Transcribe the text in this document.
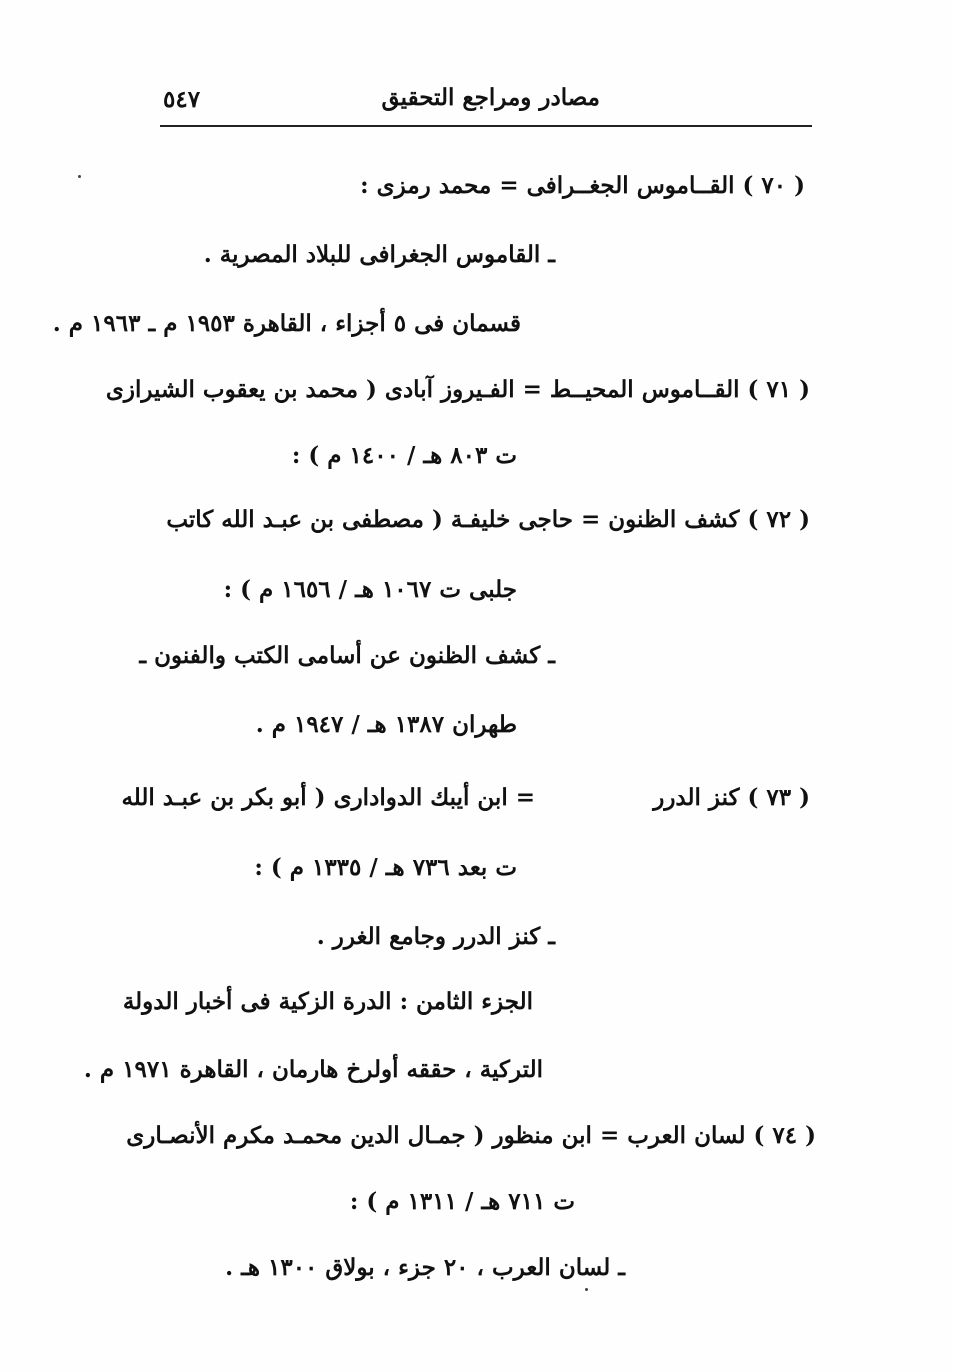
مصادر ومراجع التحقيق
٥٤٧
( ٧٠ ) القــاموس الجغــرافى = محمد رمزى :
ـ القاموس الجغرافى للبلاد المصرية .
قسمان فى ٥ أجزاء ، القاهرة ١٩٥٣ م ـ ١٩٦٣ م .
( ٧١ ) القــاموس المحيــط = الفـيروز آبادى ( محمد بن يعقوب الشيرازى
ت ٨٠٣ هـ / ١٤٠٠ م ) :
( ٧٢ ) كشف الظنون = حاجى خليفـة ( مصطفى بن عبـد الله كاتب
جلبى ت ١٠٦٧ هـ / ١٦٥٦ م ) :
ـ كشف الظنون عن أسامى الكتب والفنون ـ
طهران ١٣٨٧ هـ / ١٩٤٧ م .
( ٧٣ ) كنز الدرر
= ابن أيبك الدوادارى ( أبو بكر بن عبـد الله
ت بعد ٧٣٦ هـ / ١٣٣٥ م ) :
ـ كنز الدرر وجامع الغرر .
الجزء الثامن : الدرة الزكية فى أخبار الدولة
التركية ، حققه أولرخ هارمان ، القاهرة ١٩٧١ م .
( ٧٤ ) لسان العرب = ابن منظور ( جمـال الدين محمـد مكرم الأنصـارى
ت ٧١١ هـ / ١٣١١ م ) :
ـ لسان العرب ، ٢٠ جزء ، بولاق ١٣٠٠ هـ .
